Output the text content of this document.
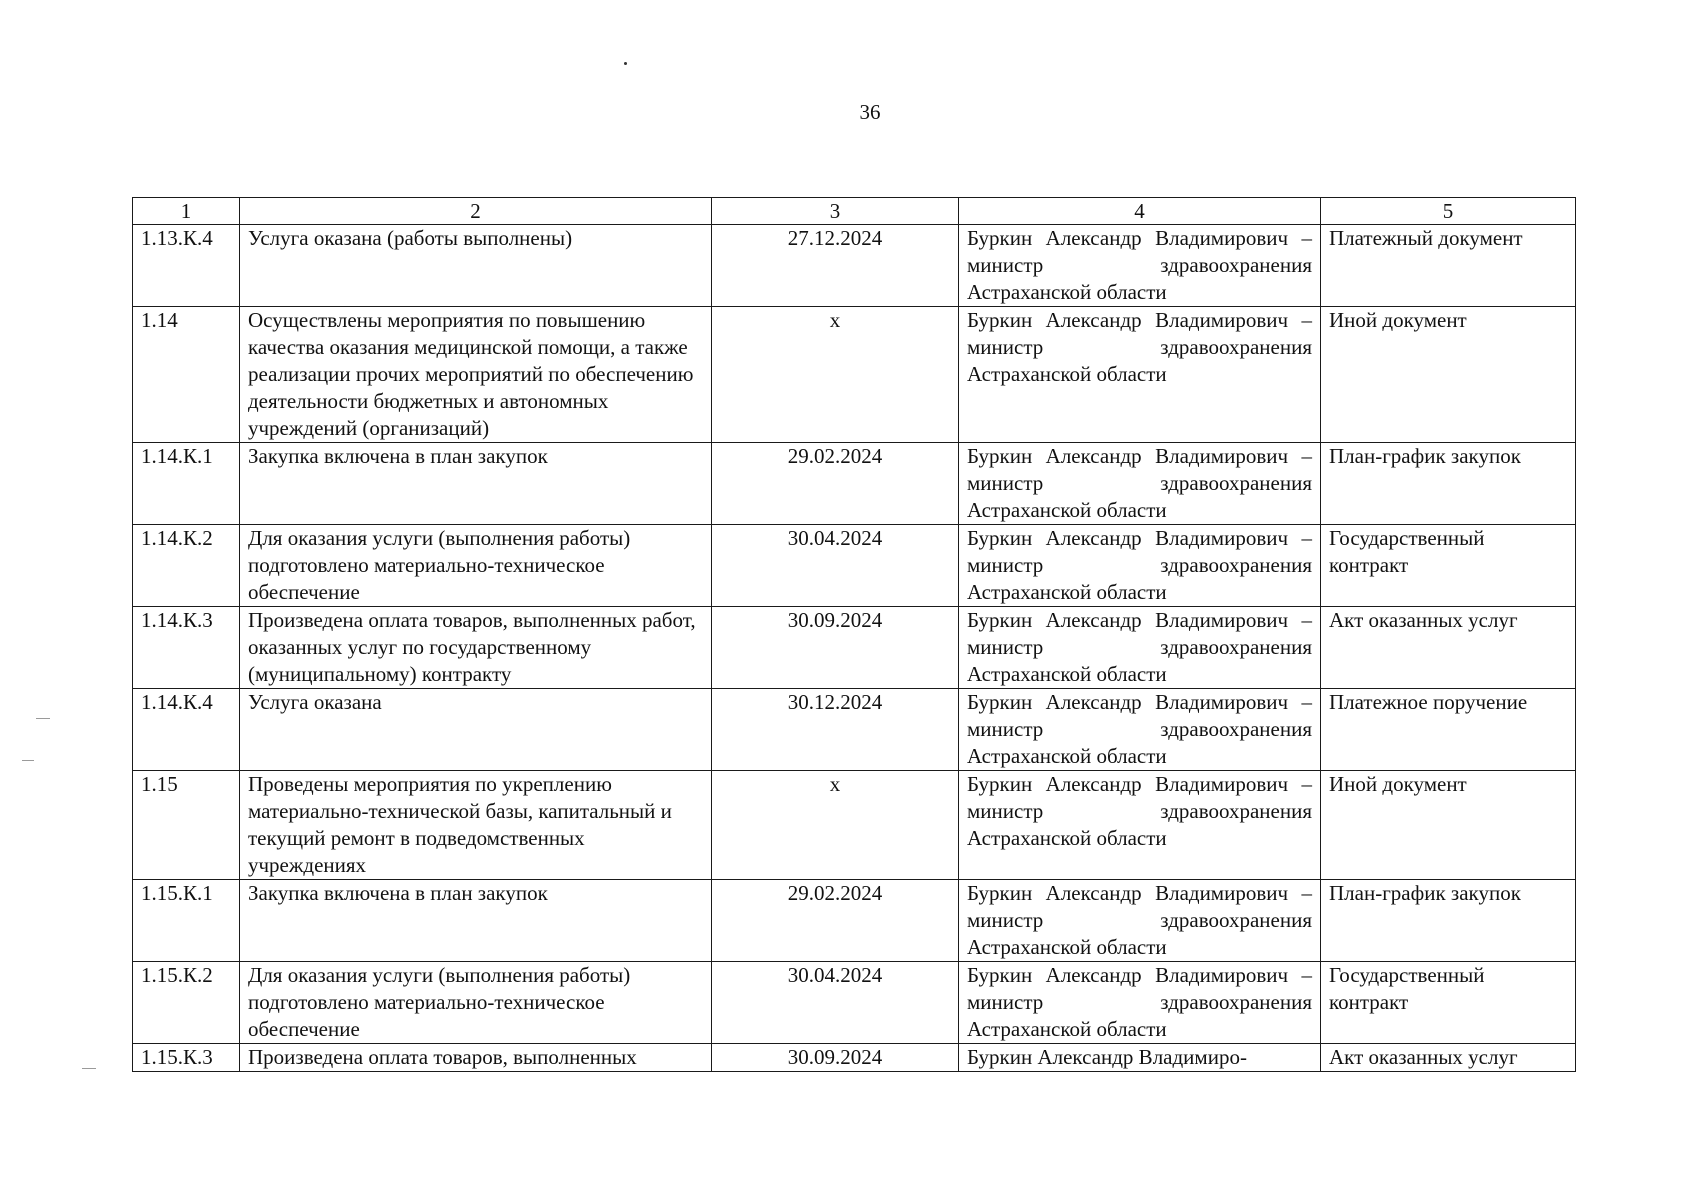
36
1	2	3	4	5
1.13.К.4	Услуга оказана (работы выполнены)	27.12.2024	Буркин Александр Владимирович – министр здравоохранения Астраханской области	Платежный документ
1.14	Осуществлены мероприятия по повышению качества оказания медицинской помощи, а также реализации прочих мероприятий по обеспечению деятельности бюджетных и автономных учреждений (организаций)	х	Буркин Александр Владимирович – министр здравоохранения Астраханской области	Иной документ
1.14.К.1	Закупка включена в план закупок	29.02.2024	Буркин Александр Владимирович – министр здравоохранения Астраханской области	План-график закупок
1.14.К.2	Для оказания услуги (выполнения работы) подготовлено материально-техническое обеспечение	30.04.2024	Буркин Александр Владимирович – министр здравоохранения Астраханской области	Государственный контракт
1.14.К.3	Произведена оплата товаров, выполненных работ, оказанных услуг по государственному (муниципальному) контракту	30.09.2024	Буркин Александр Владимирович – министр здравоохранения Астраханской области	Акт оказанных услуг
1.14.К.4	Услуга оказана	30.12.2024	Буркин Александр Владимирович – министр здравоохранения Астраханской области	Платежное поручение
1.15	Проведены мероприятия по укреплению материально-технической базы, капитальный и текущий ремонт в подведомственных учреждениях	х	Буркин Александр Владимирович – министр здравоохранения Астраханской области	Иной документ
1.15.К.1	Закупка включена в план закупок	29.02.2024	Буркин Александр Владимирович – министр здравоохранения Астраханской области	План-график закупок
1.15.К.2	Для оказания услуги (выполнения работы) подготовлено материально-техническое обеспечение	30.04.2024	Буркин Александр Владимирович – министр здравоохранения Астраханской области	Государственный контракт
1.15.К.3	Произведена оплата товаров, выполненных	30.09.2024	Буркин Александр Владимиро-	Акт оказанных услуг
